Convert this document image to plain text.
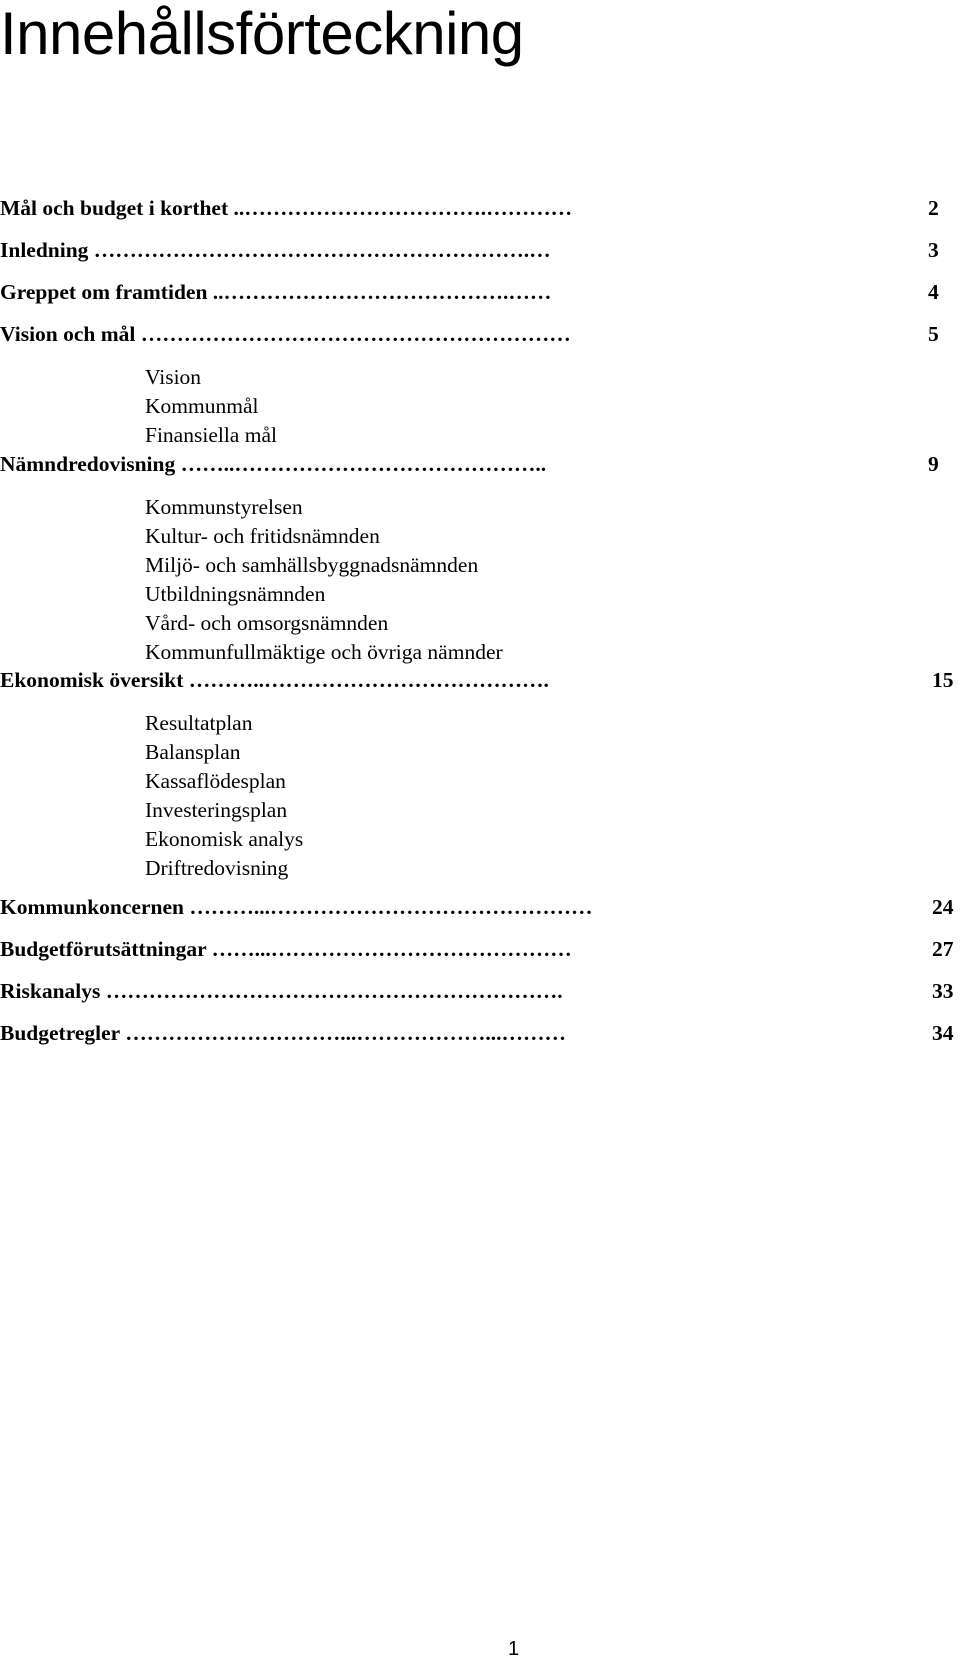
Innehållsförteckning
Mål och budget i korthet ..…………………………….…………	2
Inledning …………………………………………………….…	3
Greppet om framtiden ..………………………………….……	4
Vision och mål ……………………………………………………	5
Vision
Kommunmål
Finansiella mål
Nämndredovisning ……..……………………………………..	9
Kommunstyrelsen
Kultur- och fritidsnämnden
Miljö- och samhällsbyggnadsnämnden
Utbildningsnämnden
Vård- och omsorgsnämnden
Kommunfullmäktige och övriga nämnder
Ekonomisk översikt ………..………………………………….	15
Resultatplan
Balansplan
Kassaflödesplan
Investeringsplan
Ekonomisk analys
Driftredovisning
Kommunkoncernen ………...………………………………………	24
Budgetförutsättningar ……...……………………………………	27
Riskanalys ……………………………………………………….	33
Budgetregler …………………………...………………...………	34
1
